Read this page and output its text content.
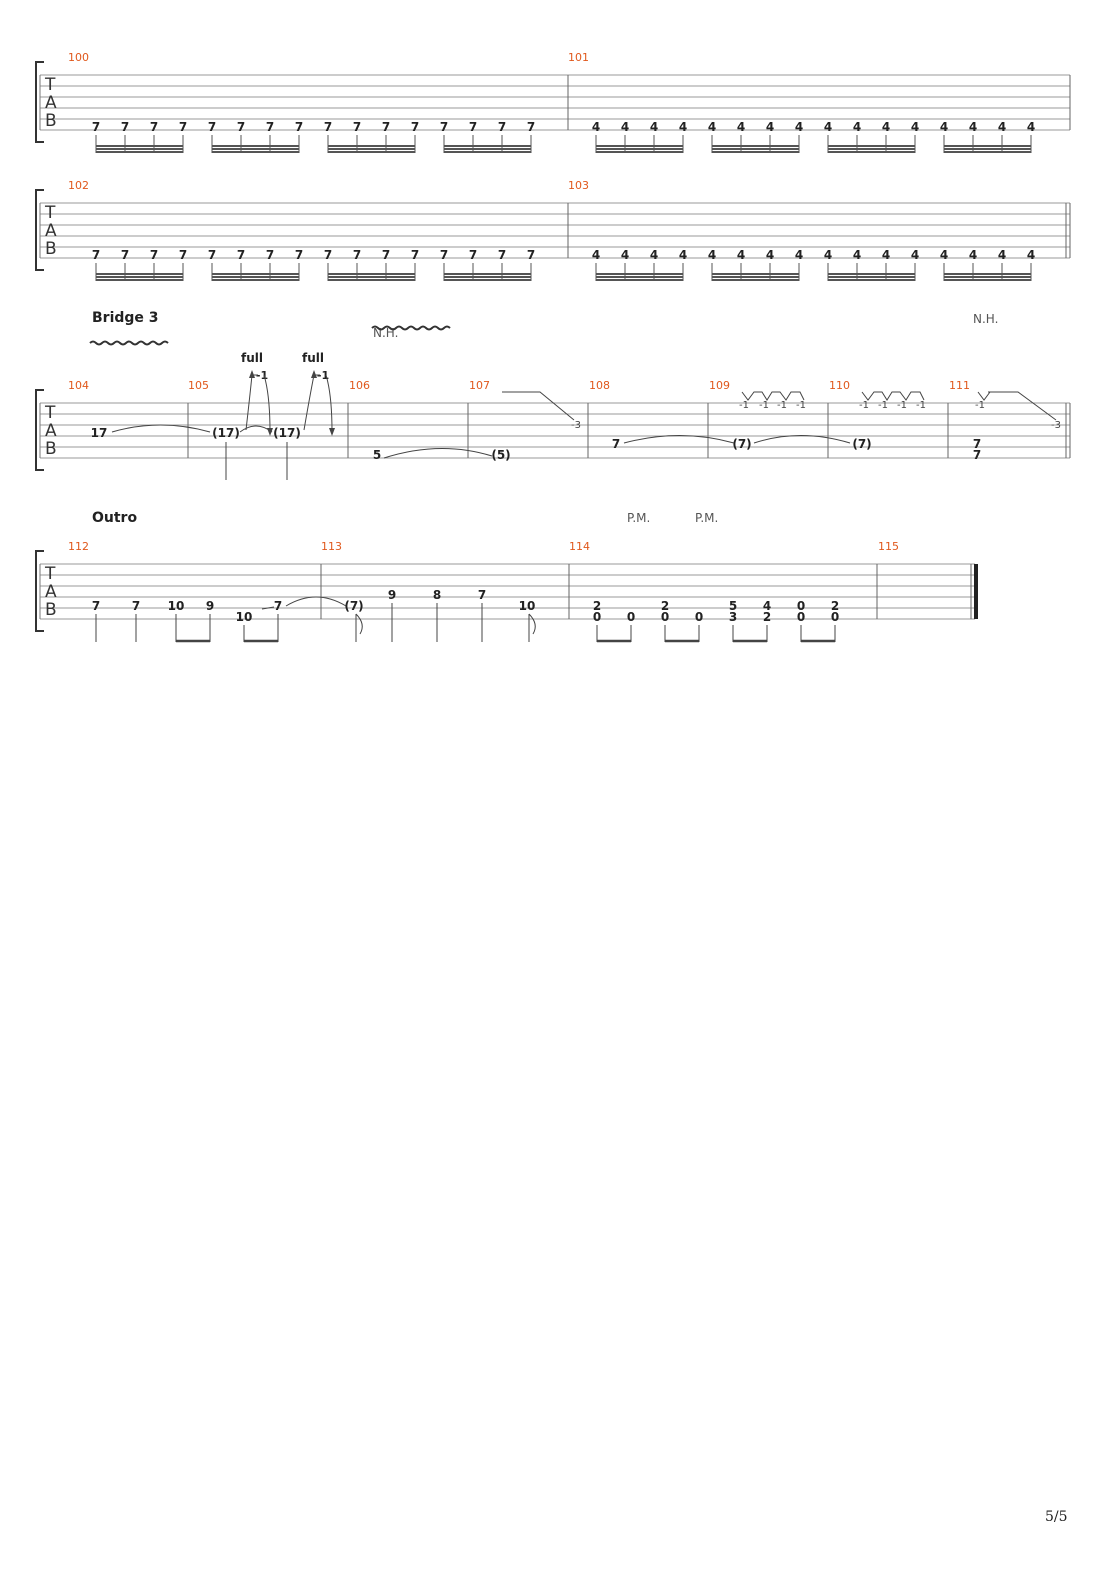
100	101
102	103
104	105	106	107	108	109	110	111
112	113	114	115
Bridge 3
Outro
N.H.
N.H.
P.M.	P.M.
5/5
T
A
B
T
A
B
T
A
B
T
A
B
7 7 7 7 7 7 7 7 7 7 7 7 7 7 7 7	4 4 4 4 4 4 4 4 4 4 4 4 4 4 4 4
7 7 7 7 7 7 7 7 7 7 7 7 7 7 7 7	4 4 4 4 4 4 4 4 4 4 4 4 4 4 4 4
17	(17)	(17)
5	(5)
7	(7)	(7)	7
7
full	full
-1	-1
-1 -1 -1 -1	-1 -1 -1 -1	-1
-3	-3
7	7 10 9
10
7	(7)
9	8	7
10	2
0 0
2
0 0
5
3
4
2
0
0
2
0
